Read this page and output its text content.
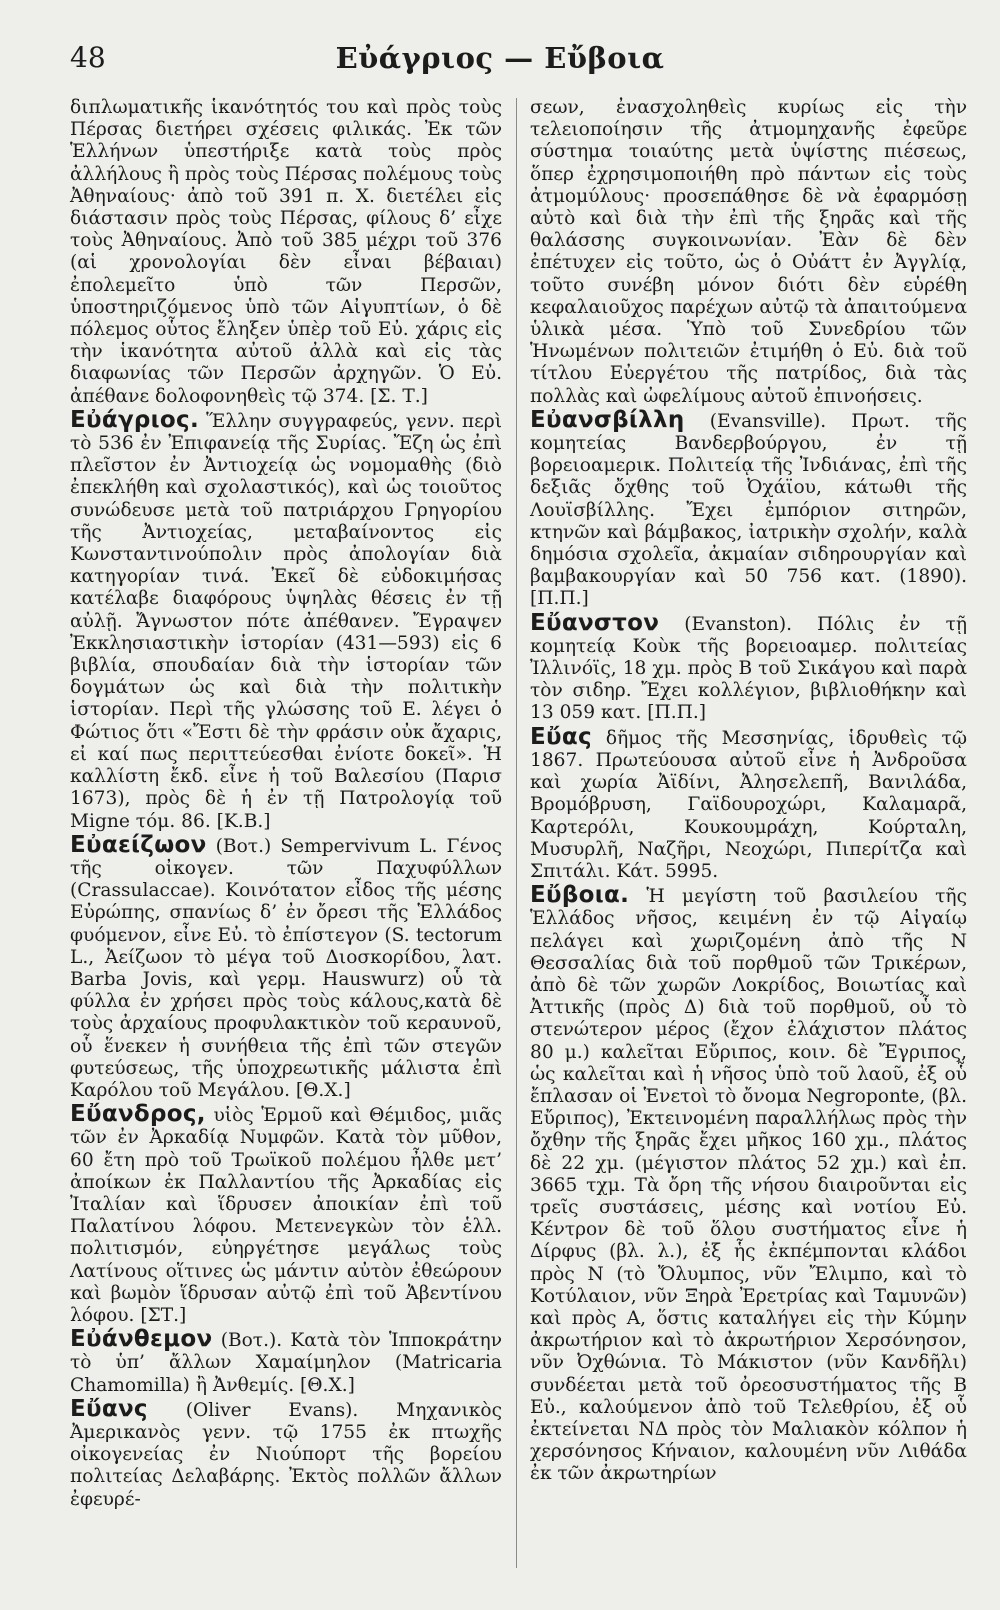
48	Εὐάγριος — Εὔβοια

διπλωματικῆς ἱκανότητός του καὶ πρὸς τοὺς Πέρσας διετήρει σχέσεις φιλικάς. Ἐκ τῶν Ἑλλήνων ὑπεστήριξε κατὰ τοὺς πρὸς ἀλλήλους ἢ πρὸς τοὺς Πέρσας πολέμους τοὺς Ἀθηναίους· ἀπὸ τοῦ 391 π. Χ. διετέλει εἰς διάστασιν πρὸς τοὺς Πέρσας, φίλους δ’ εἶχε τοὺς Ἀθηναίους. Ἀπὸ τοῦ 385 μέχρι τοῦ 376 (αἱ χρονολογίαι δὲν εἶναι βέβαιαι) ἐπολεμεῖτο ὑπὸ τῶν Περσῶν, ὑποστηριζόμενος ὑπὸ τῶν Αἰγυπτίων, ὁ δὲ πόλεμος οὗτος ἔληξεν ὑπὲρ τοῦ Εὐ. χάρις εἰς τὴν ἱκανότητα αὐτοῦ ἀλλὰ καὶ εἰς τὰς διαφωνίας τῶν Περσῶν ἀρχηγῶν. Ὁ Εὐ. ἀπέθανε δολοφονηθεὶς τῷ 374. [Σ. Τ.]

Εὐάγριος. Ἕλλην συγγραφεύς, γενν. περὶ τὸ 536 ἐν Ἐπιφανείᾳ τῆς Συρίας. Ἔζη ὡς ἐπὶ πλεῖστον ἐν Ἀντιοχείᾳ ὡς νομομαθὴς (διὸ ἐπεκλήθη καὶ σχολαστικός), καὶ ὡς τοιοῦτος συνώδευσε μετὰ τοῦ πατριάρχου Γρηγορίου τῆς Ἀντιοχείας, μεταβαίνοντος εἰς Κωνσταντινούπολιν πρὸς ἀπολογίαν διὰ κατηγορίαν τινά. Ἐκεῖ δὲ εὐδοκιμήσας κατέλαβε διαφόρους ὑψηλὰς θέσεις ἐν τῇ αὐλῇ. Ἄγνωστον πότε ἀπέθανεν. Ἔγραψεν Ἐκκλησιαστικὴν ἱστορίαν (431—593) εἰς 6 βιβλία, σπουδαίαν διὰ τὴν ἱστορίαν τῶν δογμάτων ὡς καὶ διὰ τὴν πολιτικὴν ἱστορίαν. Περὶ τῆς γλώσσης τοῦ Ε. λέγει ὁ Φώτιος ὅτι «Ἔστι δὲ τὴν φράσιν οὐκ ἄχαρις, εἰ καί πως περιττεύεσθαι ἐνίοτε δοκεῖ». Ἡ καλλίστη ἔκδ. εἶνε ἡ τοῦ Βαλεσίου (Παρισ 1673), πρὸς δὲ ἡ ἐν τῇ Πατρολογίᾳ τοῦ Migne τόμ. 86. [Κ.Β.]

Εὐαείζωον (Βοτ.) Sempervivum L. Γένος τῆς οἰκογεν. τῶν Παχυφύλλων (Crassulaccae). Κοινότατον εἶδος τῆς μέσης Εὐρώπης, σπανίως δ’ ἐν ὄρεσι τῆς Ἑλλάδος φυόμενον, εἶνε Εὐ. τὸ ἐπίστεγον (S. tectorum L., Ἀείζωον τὸ μέγα τοῦ Διοσκορίδου, λατ. Barba Jovis, καὶ γερμ. Hauswurz) οὗ τὰ φύλλα ἐν χρήσει πρὸς τοὺς κάλους,κατὰ δὲ τοὺς ἀρχαίους προφυλακτικὸν τοῦ κεραυνοῦ, οὗ ἕνεκεν ἡ συνήθεια τῆς ἐπὶ τῶν στεγῶν φυτεύσεως, τῆς ὑποχρεωτικῆς μάλιστα ἐπὶ Καρόλου τοῦ Μεγάλου. [Θ.Χ.]

Εὔανδρος, υἱὸς Ἑρμοῦ καὶ Θέμιδος, μιᾶς τῶν ἐν Ἀρκαδίᾳ Νυμφῶν. Κατὰ τὸν μῦθον, 60 ἔτη πρὸ τοῦ Τρωϊκοῦ πολέμου ἦλθε μετ’ ἀποίκων ἐκ Παλλαντίου τῆς Ἀρκαδίας εἰς Ἰταλίαν καὶ ἵδρυσεν ἀποικίαν ἐπὶ τοῦ Παλατίνου λόφου. Μετενεγκὼν τὸν ἑλλ. πολιτισμόν, εὐηργέτησε μεγάλως τοὺς Λατίνους οἵτινες ὡς μάντιν αὐτὸν ἐθεώρουν καὶ βωμὸν ἵδρυσαν αὐτῷ ἐπὶ τοῦ Ἀβεντίνου λόφου. [ΣΤ.]

Εὐάνθεμον (Βοτ.). Κατὰ τὸν Ἱπποκράτην τὸ ὑπ’ ἄλλων Χαμαίμηλον (Matricaria Chamomilla) ἢ Ἀνθεμίς. [Θ.Χ.]

Εὔανς (Oliver Evans). Μηχανικὸς Ἀμερικανὸς γενν. τῷ 1755 ἐκ πτωχῆς οἰκογενείας ἐν Νιούπορτ τῆς βορείου πολιτείας Δελαβάρης. Ἐκτὸς πολλῶν ἄλλων ἐφευρέ-

σεων, ἐνασχοληθεὶς κυρίως εἰς τὴν τελειοποίησιν τῆς ἀτμομηχανῆς ἐφεῦρε σύστημα τοιαύτης μετὰ ὑψίστης πιέσεως, ὅπερ ἐχρησιμοποιήθη πρὸ πάντων εἰς τοὺς ἀτμομύλους· προσεπάθησε δὲ νὰ ἐφαρμόσῃ αὐτὸ καὶ διὰ τὴν ἐπὶ τῆς ξηρᾶς καὶ τῆς θαλάσσης συγκοινωνίαν. Ἐὰν δὲ δὲν ἐπέτυχεν εἰς τοῦτο, ὡς ὁ Οὐάττ ἐν Ἀγγλίᾳ, τοῦτο συνέβη μόνον διότι δὲν εὑρέθη κεφαλαιοῦχος παρέχων αὐτῷ τὰ ἀπαιτούμενα ὑλικὰ μέσα. Ὑπὸ τοῦ Συνεδρίου τῶν Ἡνωμένων πολιτειῶν ἐτιμήθη ὁ Εὐ. διὰ τοῦ τίτλου Εὐεργέτου τῆς πατρίδος, διὰ τὰς πολλὰς καὶ ὠφελίμους αὐτοῦ ἐπινοήσεις.

Εὐανσβίλλη (Evansville). Πρωτ. τῆς κομητείας Βανδερβούργου, ἐν τῇ βορειοαμερικ. Πολιτείᾳ τῆς Ἰνδιάνας, ἐπὶ τῆς δεξιᾶς ὄχθης τοῦ Ὀχάϊου, κάτωθι τῆς Λουϊσβίλλης. Ἔχει ἐμπόριον σιτηρῶν, κτηνῶν καὶ βάμβακος, ἰατρικὴν σχολήν, καλὰ δημόσια σχολεῖα, ἀκμαίαν σιδηρουργίαν καὶ βαμβακουργίαν καὶ 50 756 κατ. (1890). [Π.Π.]

Εὔανστον (Evanston). Πόλις ἐν τῇ κομητείᾳ Κοὺκ τῆς βορειοαμερ. πολιτείας Ἰλλινόϊς, 18 χμ. πρὸς Β τοῦ Σικάγου καὶ παρὰ τὸν σιδηρ. Ἔχει κολλέγιον, βιβλιοθήκην καὶ 13 059 κατ. [Π.Π.]

Εὔας δῆμος τῆς Μεσσηνίας, ἱδρυθεὶς τῷ 1867. Πρωτεύουσα αὐτοῦ εἶνε ἡ Ἀνδροῦσα καὶ χωρία Ἀϊδίνι, Ἀλησελεπῆ, Βανιλάδα, Βρομόβρυση, Γαϊδουροχώρι, Καλαμαρᾶ, Καρτερόλι, Κουκουμράχη, Κούρταλη, Μυσυρλῆ, Ναζῆρι, Νεοχώρι, Πιπερίτζα καὶ Σπιτάλι. Κάτ. 5995.

Εὔβοια. Ἡ μεγίστη τοῦ βασιλείου τῆς Ἑλλάδος νῆσος, κειμένη ἐν τῷ Αἰγαίῳ πελάγει καὶ χωριζομένη ἀπὸ τῆς Ν Θεσσαλίας διὰ τοῦ πορθμοῦ τῶν Τρικέρων, ἀπὸ δὲ τῶν χωρῶν Λοκρίδος, Βοιωτίας καὶ Ἀττικῆς (πρὸς Δ) διὰ τοῦ πορθμοῦ, οὗ τὸ στενώτερον μέρος (ἔχον ἐλάχιστον πλάτος 80 μ.) καλεῖται Εὔριπος, κοιν. δὲ Ἔγριπος, ὡς καλεῖται καὶ ἡ νῆσος ὑπὸ τοῦ λαοῦ, ἐξ οὗ ἔπλασαν οἱ Ἑνετοὶ τὸ ὄνομα Negroponte, (βλ. Εὔριπος), Ἐκτεινομένη παραλλήλως πρὸς τὴν ὄχθην τῆς ξηρᾶς ἔχει μῆκος 160 χμ., πλάτος δὲ 22 χμ. (μέγιστον πλάτος 52 χμ.) καὶ ἐπ. 3665 τχμ. Τὰ ὄρη τῆς νήσου διαιροῦνται εἰς τρεῖς συστάσεις, μέσης καὶ νοτίου Εὐ. Κέντρον δὲ τοῦ ὅλου συστήματος εἶνε ἡ Δίρφυς (βλ. λ.), ἐξ ἧς ἐκπέμπονται κλάδοι πρὸς Ν (τὸ Ὄλυμπος, νῦν Ἔλιμπο, καὶ τὸ Κοτύλαιον, νῦν Ξηρὰ Ἐρετρίας καὶ Ταμυνῶν) καὶ πρὸς Α, ὅστις καταλήγει εἰς τὴν Κύμην ἀκρωτήριον καὶ τὸ ἀκρωτήριον Χερσόνησον, νῦν Ὀχθώνια. Τὸ Μάκιστον (νῦν Κανδῆλι) συνδέεται μετὰ τοῦ ὀρεοσυστήματος τῆς Β Εὐ., καλούμενον ἀπὸ τοῦ Τελεθρίου, ἐξ οὗ ἐκτείνεται ΝΔ πρὸς τὸν Μαλιακὸν κόλπον ἡ χερσόνησος Κήναιον, καλουμένη νῦν Λιθάδα ἐκ τῶν ἀκρωτηρίων
